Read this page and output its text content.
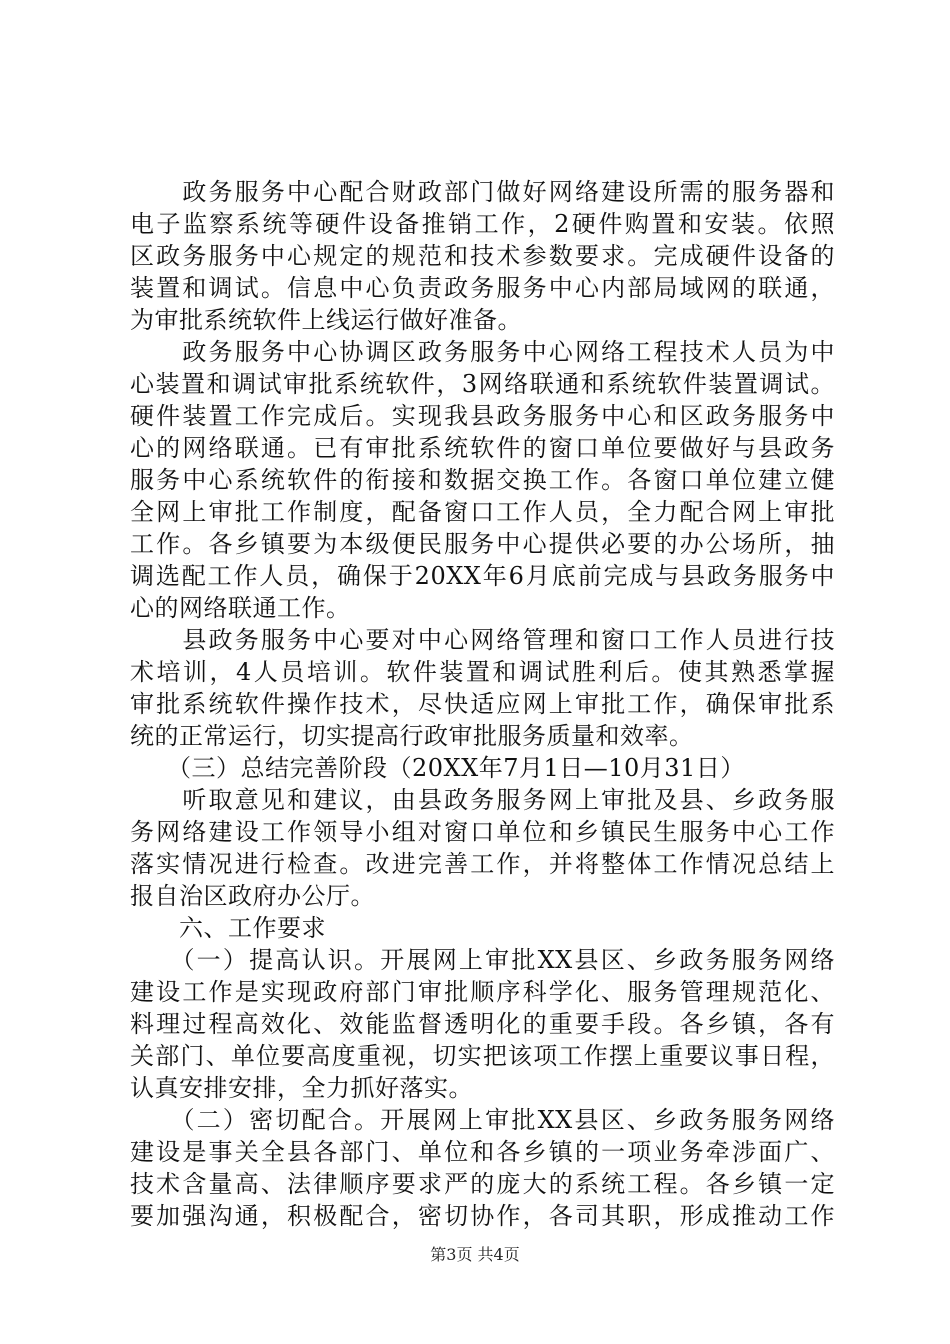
　　政务服务中心配合财政部门做好网络建设所需的服务器和
电子监察系统等硬件设备推销工作，2硬件购置和安装。依照
区政务服务中心规定的规范和技术参数要求。完成硬件设备的
装置和调试。信息中心负责政务服务中心内部局域网的联通，
为审批系统软件上线运行做好准备。
　　政务服务中心协调区政务服务中心网络工程技术人员为中
心装置和调试审批系统软件，3网络联通和系统软件装置调试。
硬件装置工作完成后。实现我县政务服务中心和区政务服务中
心的网络联通。已有审批系统软件的窗口单位要做好与县政务
服务中心系统软件的衔接和数据交换工作。各窗口单位建立健
全网上审批工作制度，配备窗口工作人员，全力配合网上审批
工作。各乡镇要为本级便民服务中心提供必要的办公场所，抽
调选配工作人员，确保于20XX年6月底前完成与县政务服务中
心的网络联通工作。
　　县政务服务中心要对中心网络管理和窗口工作人员进行技
术培训，4人员培训。软件装置和调试胜利后。使其熟悉掌握
审批系统软件操作技术，尽快适应网上审批工作，确保审批系
统的正常运行，切实提高行政审批服务质量和效率。
　　（三）总结完善阶段（20XX年7月1日—10月31日）
　　听取意见和建议，由县政务服务网上审批及县、乡政务服
务网络建设工作领导小组对窗口单位和乡镇民生服务中心工作
落实情况进行检查。改进完善工作，并将整体工作情况总结上
报自治区政府办公厅。
　　六、工作要求
　　（一）提高认识。开展网上审批XX县区、乡政务服务网络
建设工作是实现政府部门审批顺序科学化、服务管理规范化、
料理过程高效化、效能监督透明化的重要手段。各乡镇，各有
关部门、单位要高度重视，切实把该项工作摆上重要议事日程，
认真安排安排，全力抓好落实。
　　（二）密切配合。开展网上审批XX县区、乡政务服务网络
建设是事关全县各部门、单位和各乡镇的一项业务牵涉面广、
技术含量高、法律顺序要求严的庞大的系统工程。各乡镇一定
要加强沟通，积极配合，密切协作，各司其职，形成推动工作
第3页 共4页
